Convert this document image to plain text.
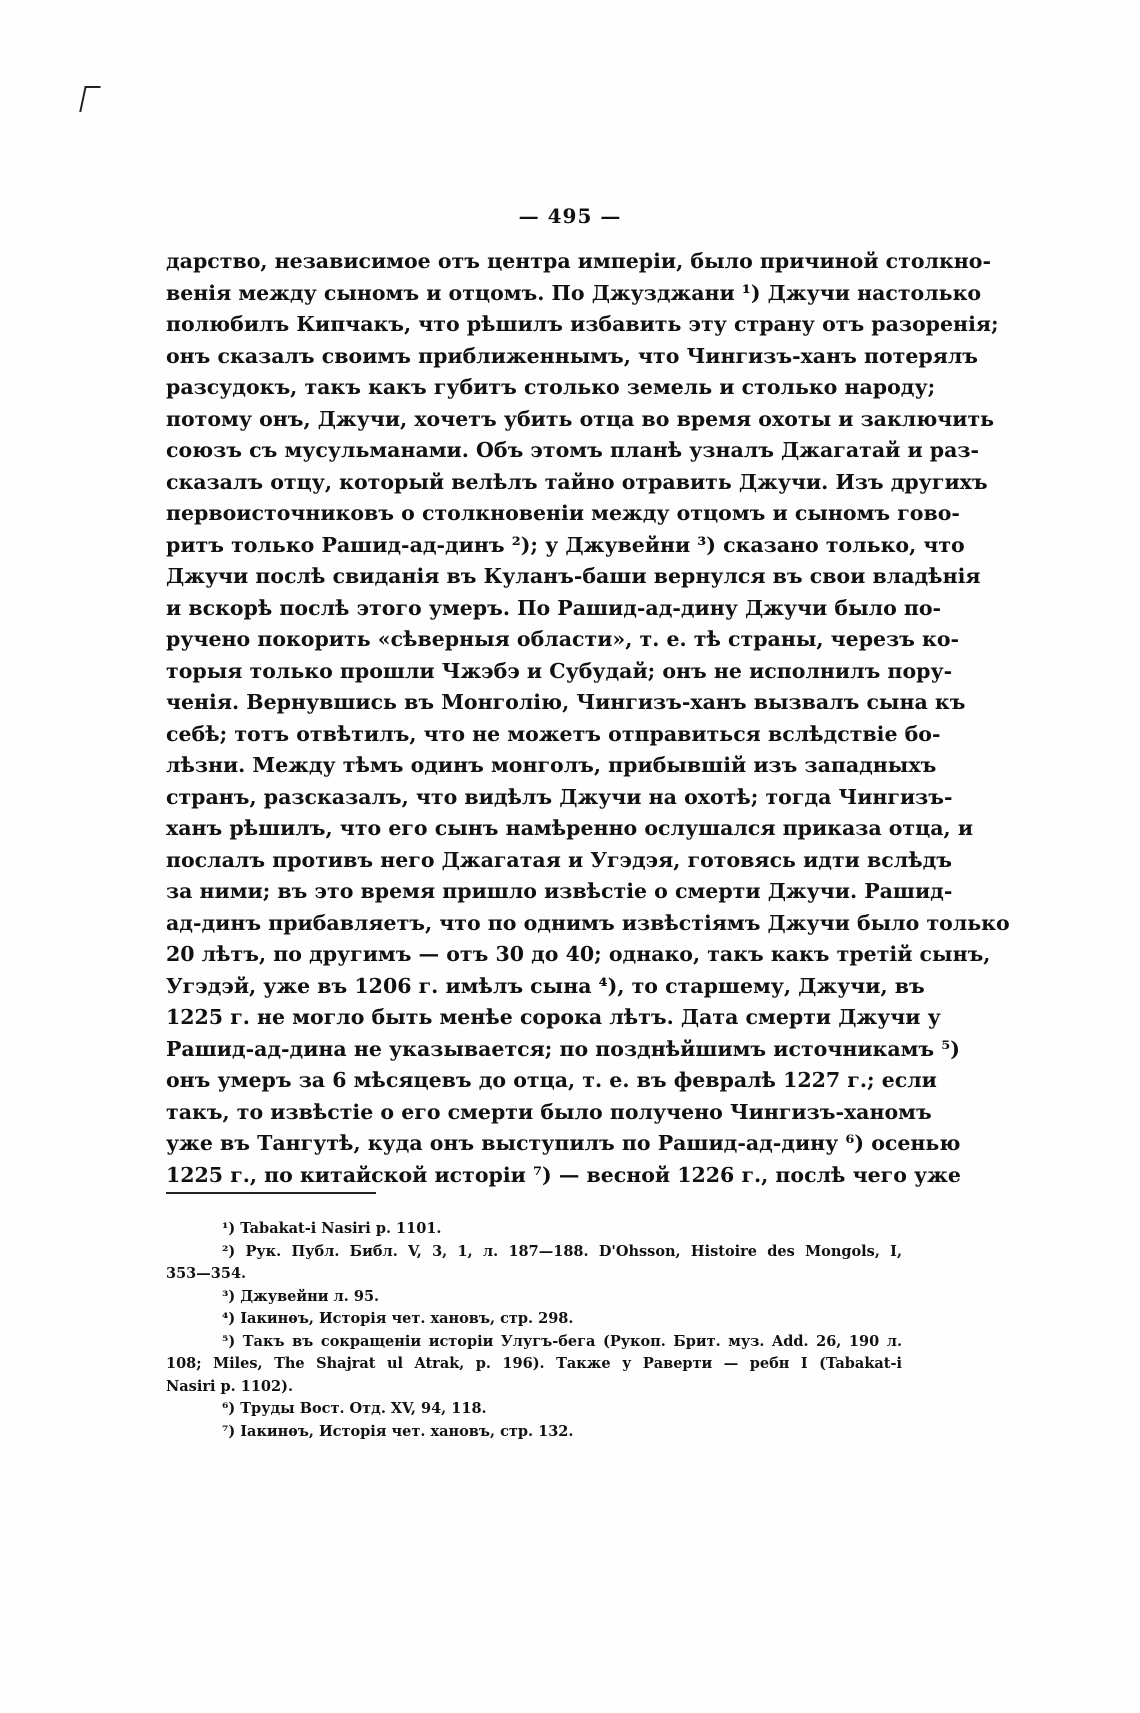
— 495 —
дарство, независимое отъ центра имперіи, было причиной столкно-
венія между сыномъ и отцомъ. По Джузджани ¹) Джучи настолько
полюбилъ Кипчакъ, что рѣшилъ избавить эту страну отъ разоренія;
онъ сказалъ своимъ приближеннымъ, что Чингизъ-ханъ потерялъ
разсудокъ, такъ какъ губитъ столько земель и столько народу;
потому онъ, Джучи, хочетъ убить отца во время охоты и заключить
союзъ съ мусульманами. Объ этомъ планѣ узналъ Джагатай и раз-
сказалъ отцу, который велѣлъ тайно отравить Джучи. Изъ другихъ
первоисточниковъ о столкновеніи между отцомъ и сыномъ гово-
ритъ только Рашид-ад-динъ ²); у Джувейни ³) сказано только, что
Джучи послѣ свиданія въ Куланъ-баши вернулся въ свои владѣнія
и вскорѣ послѣ этого умеръ. По Рашид-ад-дину Джучи было по-
ручено покорить «сѣверныя области», т. е. тѣ страны, черезъ ко-
торыя только прошли Чжэбэ и Субудай; онъ не исполнилъ пору-
ченія. Вернувшись въ Монголію, Чингизъ-ханъ вызвалъ сына къ
себѣ; тотъ отвѣтилъ, что не можетъ отправиться вслѣдствіе бо-
лѣзни. Между тѣмъ одинъ монголъ, прибывшій изъ западныхъ
странъ, разсказалъ, что видѣлъ Джучи на охотѣ; тогда Чингизъ-
ханъ рѣшилъ, что его сынъ намѣренно ослушался приказа отца, и
послалъ противъ него Джагатая и Угэдэя, готовясь идти вслѣдъ
за ними; въ это время пришло извѣстіе о смерти Джучи. Рашид-
ад-динъ прибавляетъ, что по однимъ извѣстіямъ Джучи было только
20 лѣтъ, по другимъ — отъ 30 до 40; однако, такъ какъ третій сынъ,
Угэдэй, уже въ 1206 г. имѣлъ сына ⁴), то старшему, Джучи, въ
1225 г. не могло быть менѣе сорока лѣтъ. Дата смерти Джучи у
Рашид-ад-дина не указывается; по позднѣйшимъ источникамъ ⁵)
онъ умеръ за 6 мѣсяцевъ до отца, т. е. въ февралѣ 1227 г.; если
такъ, то извѣстіе о его смерти было получено Чингизъ-ханомъ
уже въ Тангутѣ, куда онъ выступилъ по Рашид-ад-дину ⁶) осенью
1225 г., по китайской исторіи ⁷) — весной 1226 г., послѣ чего уже
¹) Tabakat-i Nasiri p. 1101.
²) Рук. Публ. Библ. V, 3, 1, л. 187—188. D'Ohsson, Histoire des Mongols, I,
353—354.
³) Джувейни л. 95.
⁴) Iакинѳъ, Исторія чет. хановъ, стр. 298.
⁵) Такъ въ сокращеніи исторіи Улугъ-бега (Рукоп. Брит. муз. Add. 26, 190 л.
108; Miles, The Shajrat ul Atrak, p. 196). Также у Раверти — ребн I (Tabakat-i
Nasiri p. 1102).
⁶) Труды Вост. Отд. XV, 94, 118.
⁷) Iакинѳъ, Исторія чет. хановъ, стр. 132.
